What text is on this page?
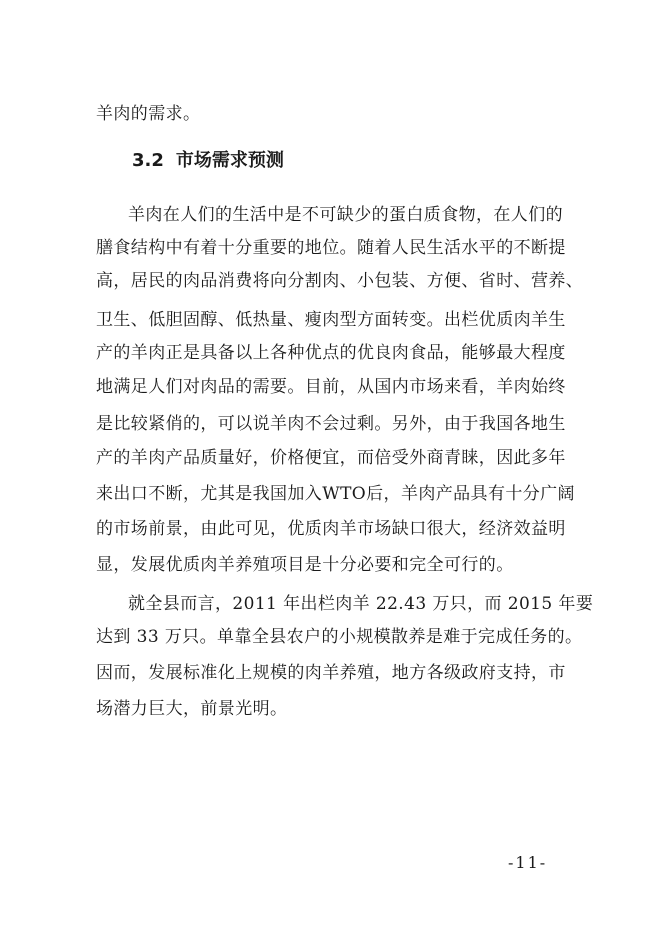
羊肉的需求。
3.2 市场需求预测
羊肉在人们的生活中是不可缺少的蛋白质食物，在人们的
膳食结构中有着十分重要的地位。随着人民生活水平的不断提
高，居民的肉品消费将向分割肉、小包装、方便、省时、营养、
卫生、低胆固醇、低热量、瘦肉型方面转变。出栏优质肉羊生
产的羊肉正是具备以上各种优点的优良肉食品，能够最大程度
地满足人们对肉品的需要。目前，从国内市场来看，羊肉始终
是比较紧俏的，可以说羊肉不会过剩。另外，由于我国各地生
产的羊肉产品质量好，价格便宜，而倍受外商青睐，因此多年
来出口不断，尤其是我国加入WTO后，羊肉产品具有十分广阔
的市场前景，由此可见，优质肉羊市场缺口很大，经济效益明
显，发展优质肉羊养殖项目是十分必要和完全可行的。
就全县而言，2011 年出栏肉羊 22.43 万只，而 2015 年要
达到 33 万只。单靠全县农户的小规模散养是难于完成任务的。
因而，发展标准化上规模的肉羊养殖，地方各级政府支持，市
场潜力巨大，前景光明。
-11-
